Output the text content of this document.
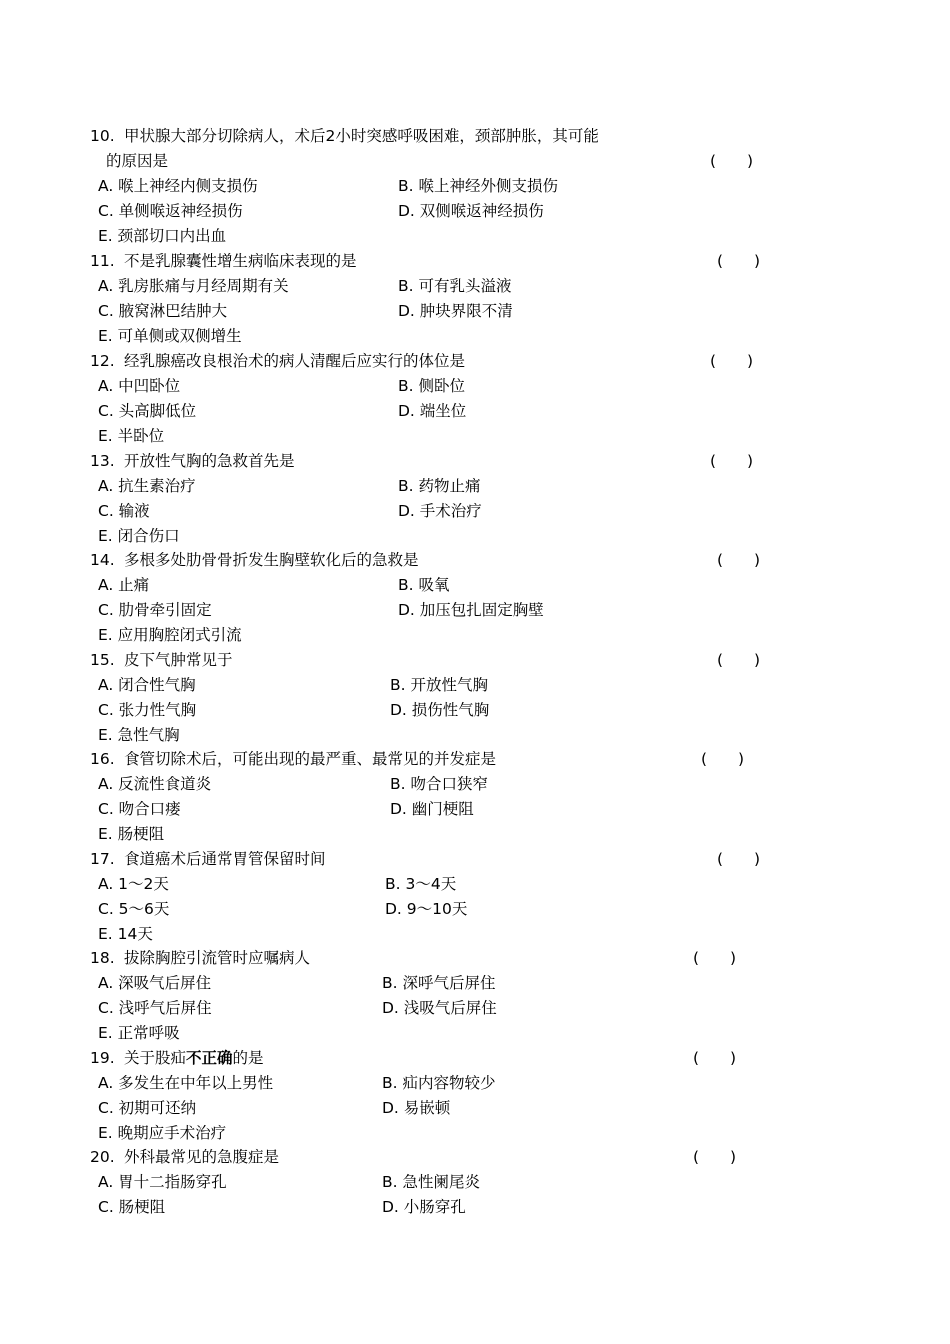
10. 甲状腺大部分切除病人，术后2小时突感呼吸困难，颈部肿胀，其可能
的原因是	(　　)
A. 喉上神经内侧支损伤	B. 喉上神经外侧支损伤
C. 单侧喉返神经损伤	D. 双侧喉返神经损伤
E. 颈部切口内出血
11. 不是乳腺囊性增生病临床表现的是	(　　)
A. 乳房胀痛与月经周期有关	B. 可有乳头溢液
C. 腋窝淋巴结肿大	D. 肿块界限不清
E. 可单侧或双侧增生
12. 经乳腺癌改良根治术的病人清醒后应实行的体位是	(　　)
A. 中凹卧位	B. 侧卧位
C. 头高脚低位	D. 端坐位
E. 半卧位
13. 开放性气胸的急救首先是	(　　)
A. 抗生素治疗	B. 药物止痛
C. 输液	D. 手术治疗
E. 闭合伤口
14. 多根多处肋骨骨折发生胸壁软化后的急救是	(　　)
A. 止痛	B. 吸氧
C. 肋骨牵引固定	D. 加压包扎固定胸壁
E. 应用胸腔闭式引流
15. 皮下气肿常见于	(　　)
A. 闭合性气胸	B. 开放性气胸
C. 张力性气胸	D. 损伤性气胸
E. 急性气胸
16. 食管切除术后，可能出现的最严重、最常见的并发症是	(　　)
A. 反流性食道炎	B. 吻合口狭窄
C. 吻合口瘘	D. 幽门梗阻
E. 肠梗阻
17. 食道癌术后通常胃管保留时间	(　　)
A. 1～2天	B. 3～4天
C. 5～6天	D. 9～10天
E. 14天
18. 拔除胸腔引流管时应嘱病人	(　　)
A. 深吸气后屏住	B. 深呼气后屏住
C. 浅呼气后屏住	D. 浅吸气后屏住
E. 正常呼吸
19. 关于股疝不正确的是	(　　)
A. 多发生在中年以上男性	B. 疝内容物较少
C. 初期可还纳	D. 易嵌顿
E. 晚期应手术治疗
20. 外科最常见的急腹症是	(　　)
A. 胃十二指肠穿孔	B. 急性阑尾炎
C. 肠梗阻	D. 小肠穿孔
